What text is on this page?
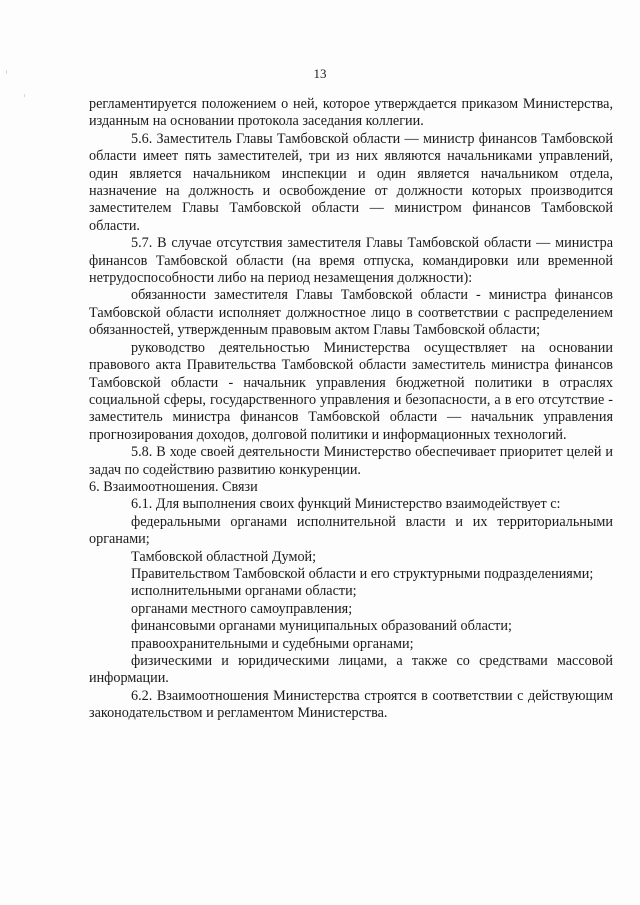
13

регламентируется положением о ней, которое утверждается приказом Министерства, изданным на основании протокола заседания коллегии.

5.6. Заместитель Главы Тамбовской области — министр финансов Тамбовской области имеет пять заместителей, три из них являются начальниками управлений, один является начальником инспекции и один является начальником отдела, назначение на должность и освобождение от должности которых производится заместителем Главы Тамбовской области — министром финансов Тамбовской области.

5.7. В случае отсутствия заместителя Главы Тамбовской области — министра финансов Тамбовской области (на время отпуска, командировки или временной нетрудоспособности либо на период незамещения должности):

обязанности заместителя Главы Тамбовской области - министра финансов Тамбовской области исполняет должностное лицо в соответствии с распределением обязанностей, утвержденным правовым актом Главы Тамбовской области;

руководство деятельностью Министерства осуществляет на основании правового акта Правительства Тамбовской области заместитель министра финансов Тамбовской области - начальник управления бюджетной политики в отраслях социальной сферы, государственного управления и безопасности, а в его отсутствие - заместитель министра финансов Тамбовской области — начальник управления прогнозирования доходов, долговой политики и информационных технологий.

5.8. В ходе своей деятельности Министерство обеспечивает приоритет целей и задач по содействию развитию конкуренции.

6. Взаимоотношения. Связи

6.1. Для выполнения своих функций Министерство взаимодействует с:

федеральными органами исполнительной власти и их территориальными органами;

Тамбовской областной Думой;

Правительством Тамбовской области и его структурными подразделениями;

исполнительными органами области;

органами местного самоуправления;

финансовыми органами муниципальных образований области;

правоохранительными и судебными органами;

физическими и юридическими лицами, а также со средствами массовой информации.

6.2. Взаимоотношения Министерства строятся в соответствии с действующим законодательством и регламентом Министерства.
